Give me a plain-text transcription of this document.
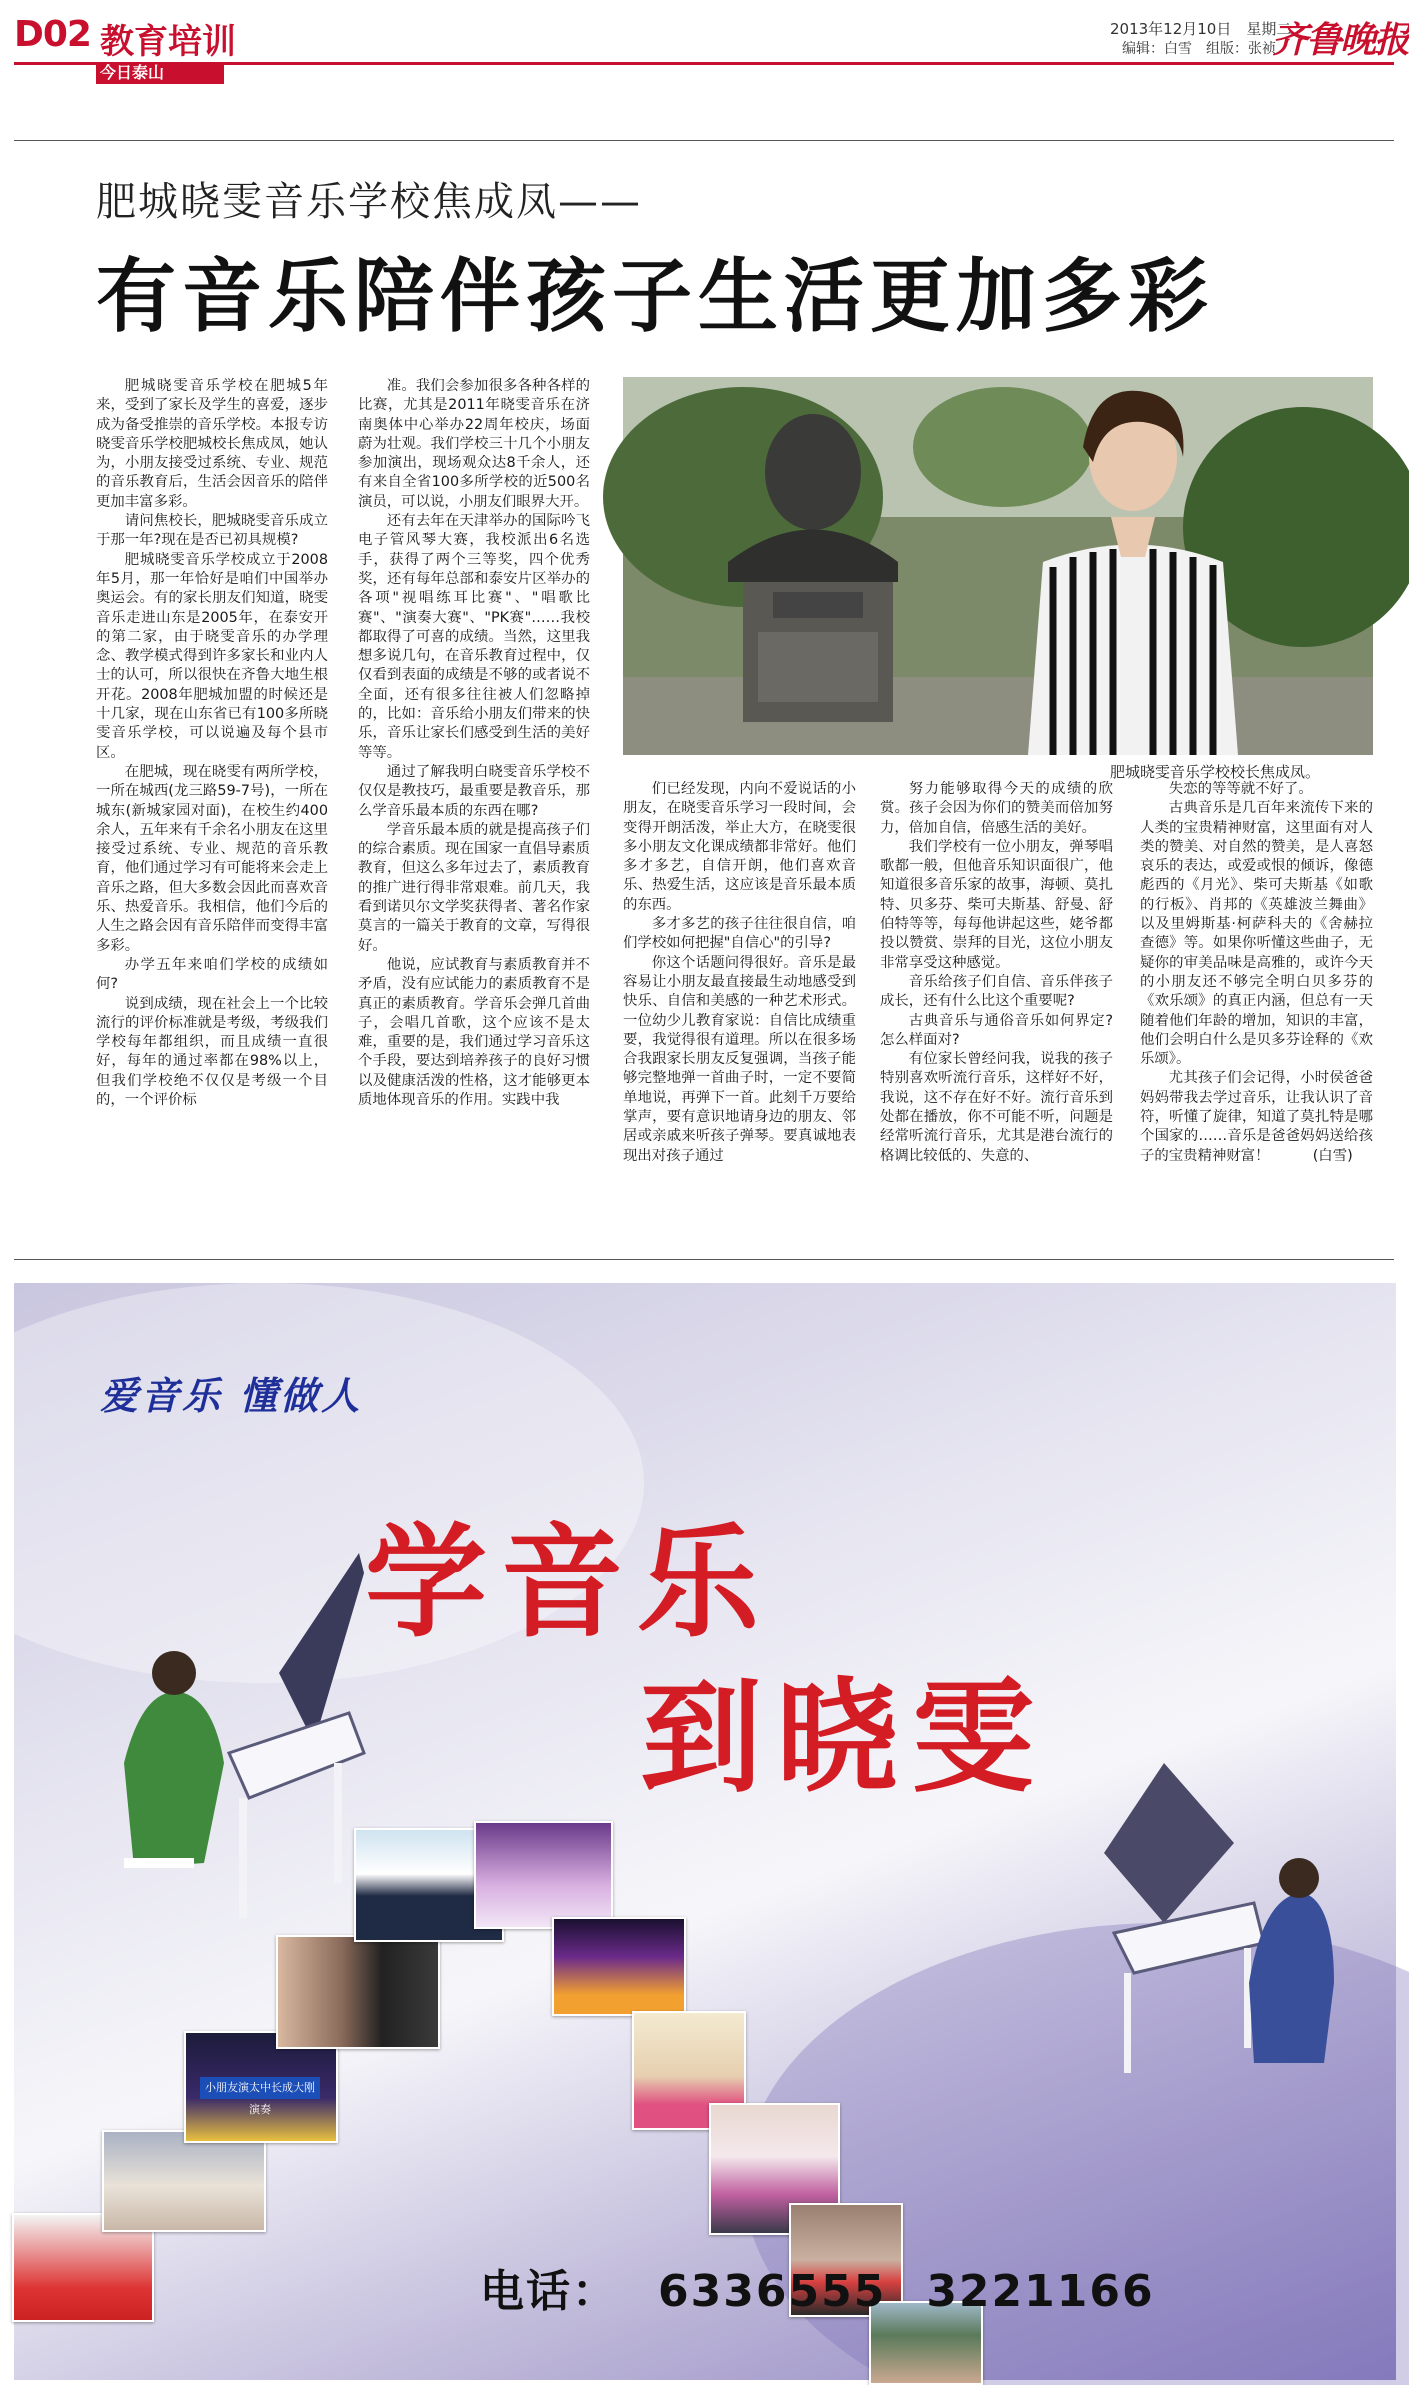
D02 教育培训
今日泰山
2013年12月10日　星期二
编辑：白雪　组版：张祯
齐鲁晚报
肥城晓雯音乐学校焦成凤——
有音乐陪伴孩子生活更加多彩

肥城晓雯音乐学校在肥城5年来，受到了家长及学生的喜爱，逐步成为备受推崇的音乐学校。本报专访晓雯音乐学校肥城校长焦成凤，她认为，小朋友接受过系统、专业、规范的音乐教育后，生活会因音乐的陪伴更加丰富多彩。

请问焦校长，肥城晓雯音乐成立于那一年?现在是否已初具规模?

肥城晓雯音乐学校成立于2008年5月，那一年恰好是咱们中国举办奥运会。有的家长朋友们知道，晓雯音乐走进山东是2005年，在泰安开的第二家，由于晓雯音乐的办学理念、教学模式得到许多家长和业内人士的认可，所以很快在齐鲁大地生根开花。2008年肥城加盟的时候还是十几家，现在山东省已有100多所晓雯音乐学校，可以说遍及每个县市区。

在肥城，现在晓雯有两所学校，一所在城西(龙三路59-7号)，一所在城东(新城家园对面)，在校生约400余人，五年来有千余名小朋友在这里接受过系统、专业、规范的音乐教育，他们通过学习有可能将来会走上音乐之路，但大多数会因此而喜欢音乐、热爱音乐。我相信，他们今后的人生之路会因有音乐陪伴而变得丰富多彩。

办学五年来咱们学校的成绩如何?

说到成绩，现在社会上一个比较流行的评价标准就是考级，考级我们学校每年都组织，而且成绩一直很好，每年的通过率都在98%以上，但我们学校绝不仅仅是考级一个目的，一个评价标

准。我们会参加很多各种各样的比赛，尤其是2011年晓雯音乐在济南奥体中心举办22周年校庆，场面蔚为壮观。我们学校三十几个小朋友参加演出，现场观众达8千余人，还有来自全省100多所学校的近500名演员，可以说，小朋友们眼界大开。

还有去年在天津举办的国际吟飞电子管风琴大赛，我校派出6名选手，获得了两个三等奖，四个优秀奖，还有每年总部和泰安片区举办的各项"视唱练耳比赛"、"唱歌比赛"、"演奏大赛"、"PK赛"……我校都取得了可喜的成绩。当然，这里我想多说几句，在音乐教育过程中，仅仅看到表面的成绩是不够的或者说不全面，还有很多往往被人们忽略掉的，比如：音乐给小朋友们带来的快乐，音乐让家长们感受到生活的美好等等。

通过了解我明白晓雯音乐学校不仅仅是教技巧，最重要是教音乐，那么学音乐最本质的东西在哪?

学音乐最本质的就是提高孩子们的综合素质。现在国家一直倡导素质教育，但这么多年过去了，素质教育的推广进行得非常艰难。前几天，我看到诺贝尔文学奖获得者、著名作家莫言的一篇关于教育的文章，写得很好。

他说，应试教育与素质教育并不矛盾，没有应试能力的素质教育不是真正的素质教育。学音乐会弹几首曲子，会唱几首歌，这个应该不是太难，重要的是，我们通过学习音乐这个手段，要达到培养孩子的良好习惯以及健康活泼的性格，这才能够更本质地体现音乐的作用。实践中我

们已经发现，内向不爱说话的小朋友，在晓雯音乐学习一段时间，会变得开朗活泼，举止大方，在晓雯很多小朋友文化课成绩都非常好。他们多才多艺，自信开朗，他们喜欢音乐、热爱生活，这应该是音乐最本质的东西。

多才多艺的孩子往往很自信，咱们学校如何把握"自信心"的引导?

你这个话题问得很好。音乐是最容易让小朋友最直接最生动地感受到快乐、自信和美感的一种艺术形式。一位幼少儿教育家说：自信比成绩重要，我觉得很有道理。所以在很多场合我跟家长朋友反复强调，当孩子能够完整地弹一首曲子时，一定不要简单地说，再弹下一首。此刻千万要给掌声，要有意识地请身边的朋友、邻居或亲戚来听孩子弹琴。要真诚地表现出对孩子通过

努力能够取得今天的成绩的欣赏。孩子会因为你们的赞美而倍加努力，倍加自信，倍感生活的美好。

我们学校有一位小朋友，弹琴唱歌都一般，但他音乐知识面很广，他知道很多音乐家的故事，海顿、莫扎特、贝多芬、柴可夫斯基、舒曼、舒伯特等等，每每他讲起这些，姥爷都投以赞赏、崇拜的目光，这位小朋友非常享受这种感觉。

音乐给孩子们自信、音乐伴孩子成长，还有什么比这个重要呢?

古典音乐与通俗音乐如何界定?怎么样面对?

有位家长曾经问我，说我的孩子特别喜欢听流行音乐，这样好不好，我说，这不存在好不好。流行音乐到处都在播放，你不可能不听，问题是经常听流行音乐，尤其是港台流行的格调比较低的、失意的、

失恋的等等就不好了。

古典音乐是几百年来流传下来的人类的宝贵精神财富，这里面有对人类的赞美、对自然的赞美，是人喜怒哀乐的表达，或爱或恨的倾诉，像德彪西的《月光》、柴可夫斯基《如歌的行板》、肖邦的《英雄波兰舞曲》以及里姆斯基·柯萨科夫的《舍赫拉查德》等。如果你听懂这些曲子，无疑你的审美品味是高雅的，或许今天的小朋友还不够完全明白贝多芬的《欢乐颂》的真正内涵，但总有一天随着他们年龄的增加，知识的丰富，他们会明白什么是贝多芬诠释的《欢乐颂》。

尤其孩子们会记得，小时侯爸爸妈妈带我去学过音乐，让我认识了音符，听懂了旋律，知道了莫扎特是哪个国家的……音乐是爸爸妈妈送给孩子的宝贵精神财富！　　　(白雪)

肥城晓雯音乐学校校长焦成凤。
小朋友演太中长成大刚演奏
爱音乐 懂做人
学音乐
到晓雯
电话： 6336555 3221166
